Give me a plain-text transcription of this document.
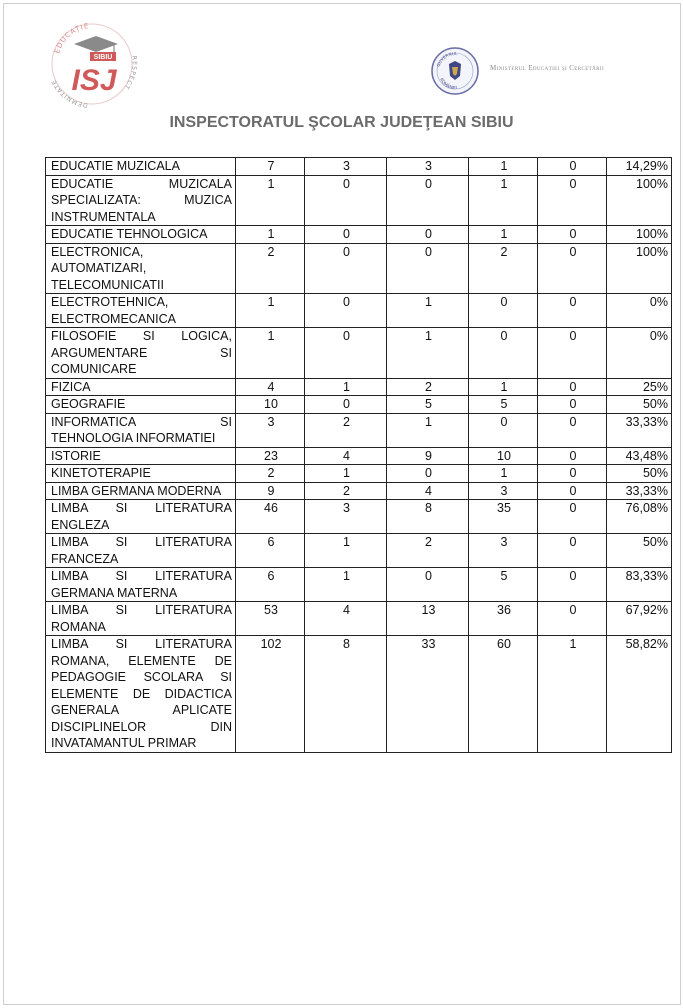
EDUCAȚIE
DEMNITATE
RESPECT
SIBIU
ISJ	GUVERNUL
ROMÂNIEI
Ministerul Educației și Cercetării
INSPECTORATUL ŞCOLAR JUDEŢEAN SIBIU
EDUCATIE MUZICALA	7	3	3	1	0	14,29%
EDUCATIE MUZICALA SPECIALIZATA: MUZICA INSTRUMENTALA	1	0	0	1	0	100%
EDUCATIE TEHNOLOGICA	1	0	0	1	0	100%
ELECTRONICA, AUTOMATIZARI, TELECOMUNICATII	2	0	0	2	0	100%
ELECTROTEHNICA, ELECTROMECANICA	1	0	1	0	0	0%
FILOSOFIE SI LOGICA, ARGUMENTARE SI COMUNICARE	1	0	1	0	0	0%
FIZICA	4	1	2	1	0	25%
GEOGRAFIE	10	0	5	5	0	50%
INFORMATICA SI TEHNOLOGIA INFORMATIEI	3	2	1	0	0	33,33%
ISTORIE	23	4	9	10	0	43,48%
KINETOTERAPIE	2	1	0	1	0	50%
LIMBA GERMANA MODERNA	9	2	4	3	0	33,33%
LIMBA SI LITERATURA ENGLEZA	46	3	8	35	0	76,08%
LIMBA SI LITERATURA FRANCEZA	6	1	2	3	0	50%
LIMBA SI LITERATURA GERMANA MATERNA	6	1	0	5	0	83,33%
LIMBA SI LITERATURA ROMANA	53	4	13	36	0	67,92%
LIMBA SI LITERATURA ROMANA, ELEMENTE DE PEDAGOGIE SCOLARA SI ELEMENTE DE DIDACTICA GENERALA APLICATE DISCIPLINELOR DIN INVATAMANTUL PRIMAR	102	8	33	60	1	58,82%
